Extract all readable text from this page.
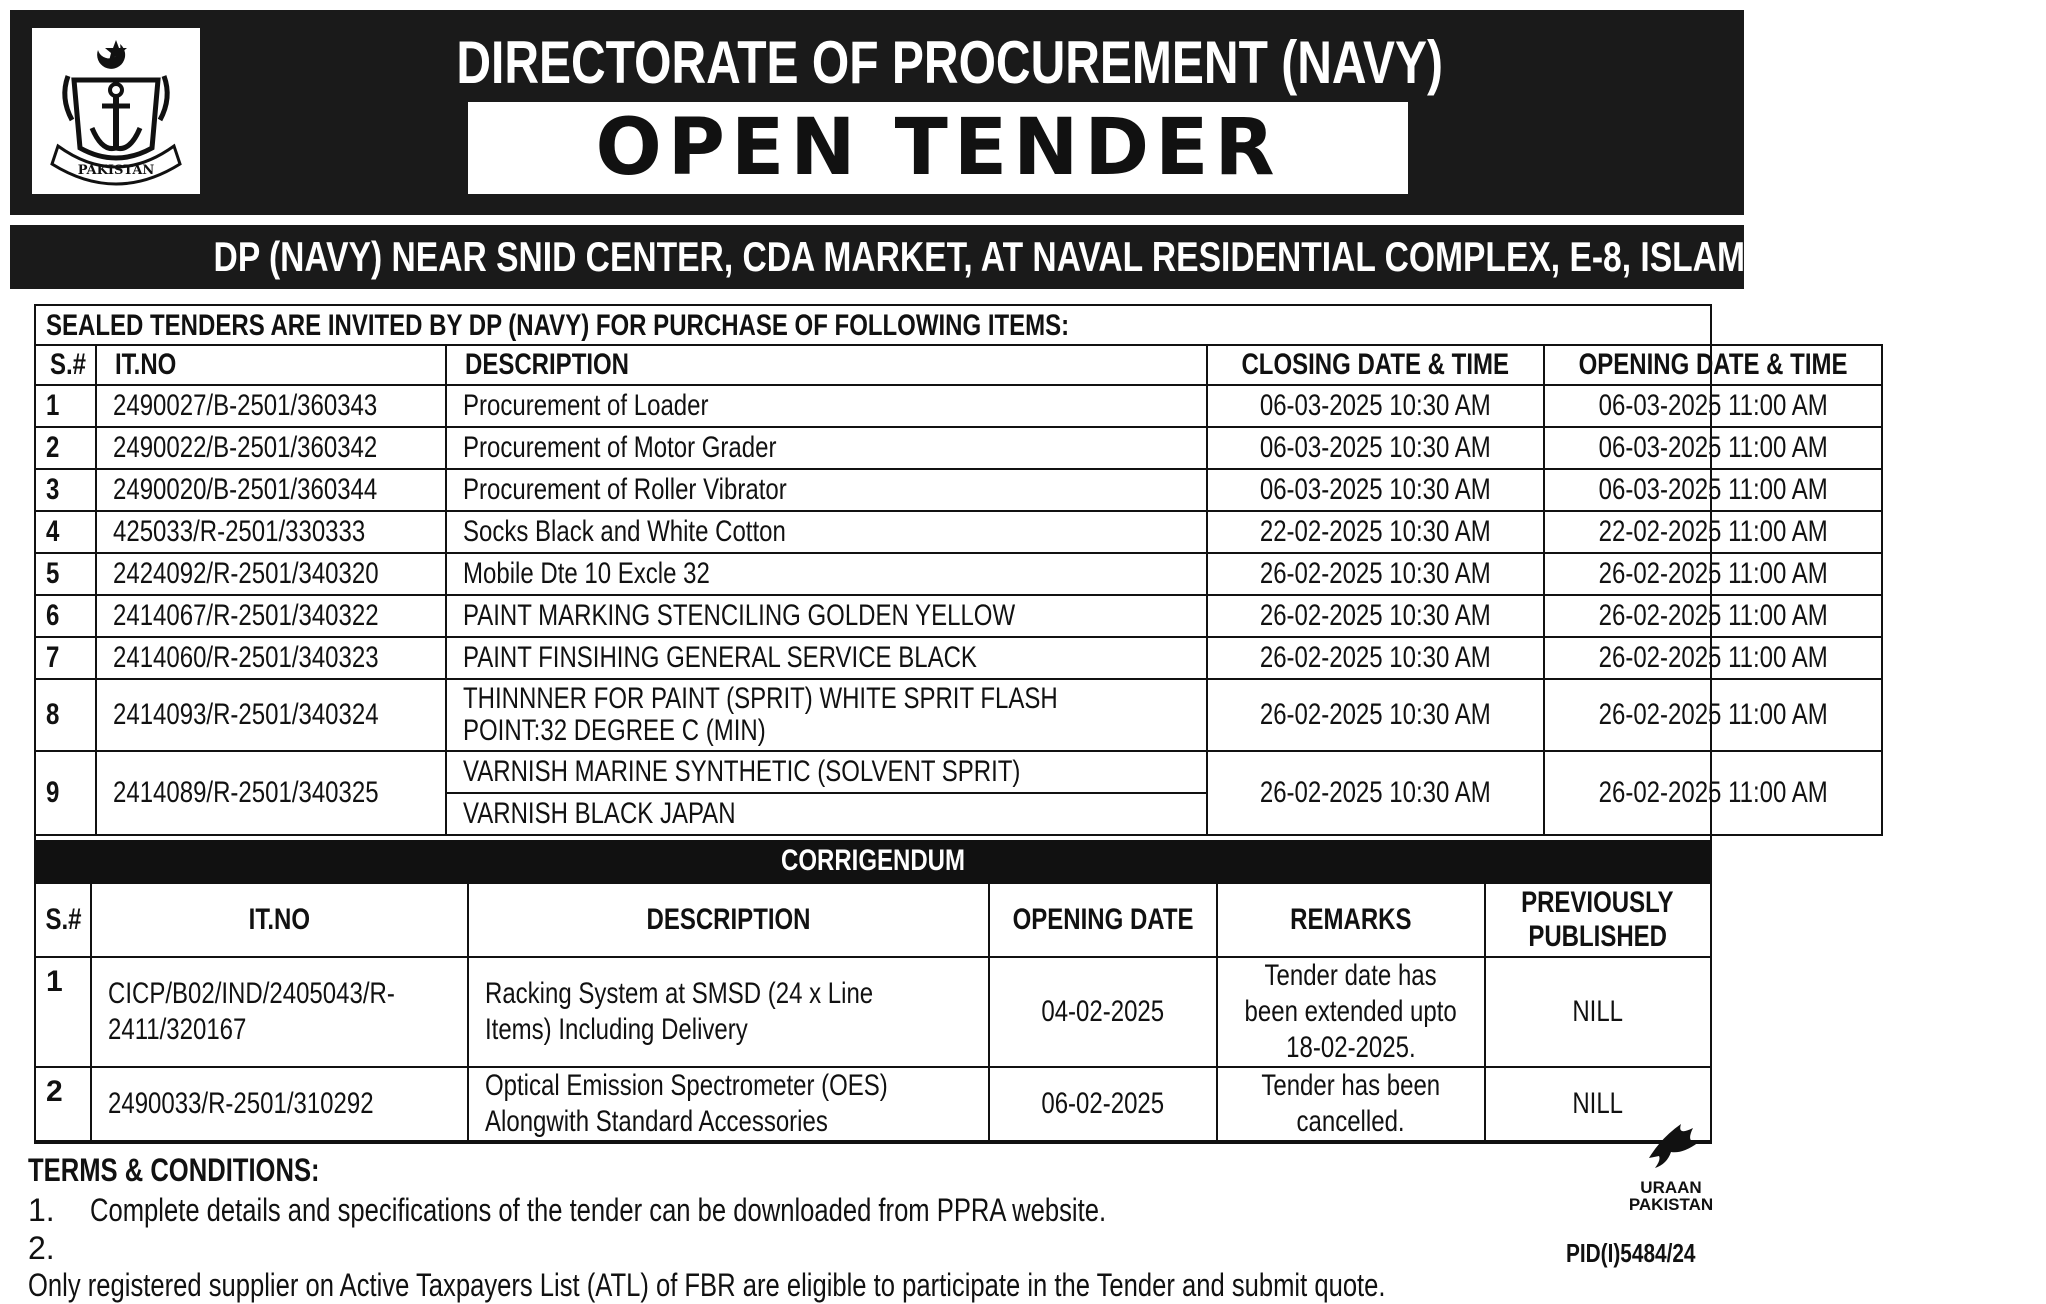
PAKISTAN
DIRECTORATE OF PROCUREMENT (NAVY)
OPEN TENDER
DP (NAVY) NEAR SNID CENTER, CDA MARKET, AT NAVAL RESIDENTIAL COMPLEX, E-8, ISLAMABAD
SEALED TENDERS ARE INVITED BY DP (NAVY) FOR PURCHASE OF FOLLOWING ITEMS:
S.#	IT.NO	DESCRIPTION	CLOSING DATE & TIME	OPENING DATE & TIME
1	2490027/B-2501/360343	Procurement of Loader	06-03-2025 10:30 AM	06-03-2025 11:00 AM
2	2490022/B-2501/360342	Procurement of Motor Grader	06-03-2025 10:30 AM	06-03-2025 11:00 AM
3	2490020/B-2501/360344	Procurement of Roller Vibrator	06-03-2025 10:30 AM	06-03-2025 11:00 AM
4	425033/R-2501/330333	Socks Black and White Cotton	22-02-2025 10:30 AM	22-02-2025 11:00 AM
5	2424092/R-2501/340320	Mobile Dte 10 Excle 32	26-02-2025 10:30 AM	26-02-2025 11:00 AM
6	2414067/R-2501/340322	PAINT MARKING STENCILING GOLDEN YELLOW	26-02-2025 10:30 AM	26-02-2025 11:00 AM
7	2414060/R-2501/340323	PAINT FINSIHING GENERAL SERVICE BLACK	26-02-2025 10:30 AM	26-02-2025 11:00 AM
8	2414093/R-2501/340324	THINNNER FOR PAINT (SPRIT) WHITE SPRIT FLASH
POINT:32 DEGREE C (MIN)	26-02-2025 10:30 AM	26-02-2025 11:00 AM
9	2414089/R-2501/340325	VARNISH MARINE SYNTHETIC (SOLVENT SPRIT)	26-02-2025 10:30 AM	26-02-2025 11:00 AM
		VARNISH BLACK JAPAN		
CORRIGENDUM
S.#	IT.NO	DESCRIPTION	OPENING DATE	REMARKS	PREVIOUSLY
PUBLISHED
1	CICP/B02/IND/2405043/R-
2411/320167	Racking System at SMSD (24 x Line
Items) Including Delivery	04-02-2025	Tender date has
been extended upto
18-02-2025.	NILL
2	2490033/R-2501/310292	Optical Emission Spectrometer (OES)
Alongwith Standard Accessories	06-02-2025	Tender has been
cancelled.	NILL
TERMS & CONDITIONS:
1. Complete details and specifications of the tender can be downloaded from PPRA website.
2.Only registered supplier on Active Taxpayers List (ATL) of FBR are eligible to participate in the Tender and submit quote.
URAAN
PAKISTAN
PID(I)5484/24
